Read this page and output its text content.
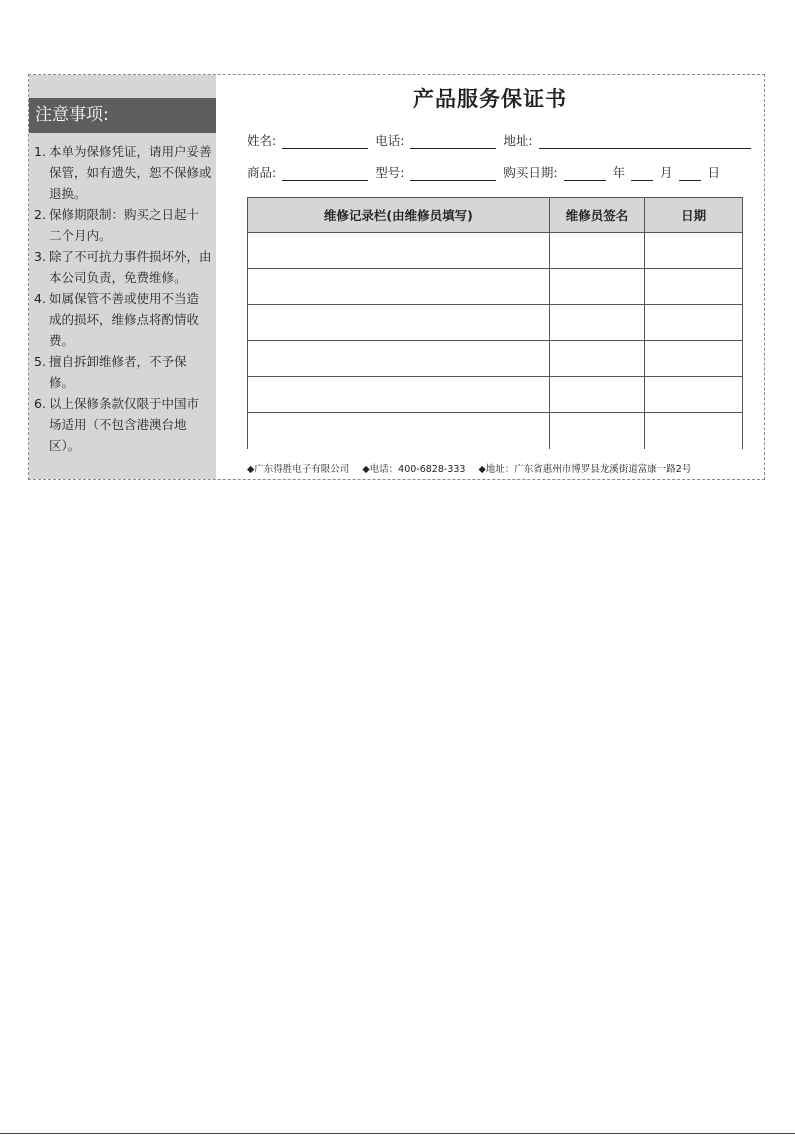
注意事项:
1. 本单为保修凭证，请用户妥善保管，如有遗失，恕不保修或退换。
2. 保修期限制：购买之日起十二个月内。
3. 除了不可抗力事件损坏外，由本公司负责，免费维修。
4. 如属保管不善或使用不当造成的损坏，维修点将酌情收费。
5. 擅自拆卸维修者，不予保修。
6. 以上保修条款仅限于中国市场适用（不包含港澳台地区）。
产品服务保证书
姓名:	电话:	地址:
商品:	型号:	购买日期:	年	月	日
维修记录栏(由维修员填写)	维修员签名	日期

◆广东得胜电子有限公司 ◆电话：400-6828-333 ◆地址：广东省惠州市博罗县龙溪街道富康一路2号
